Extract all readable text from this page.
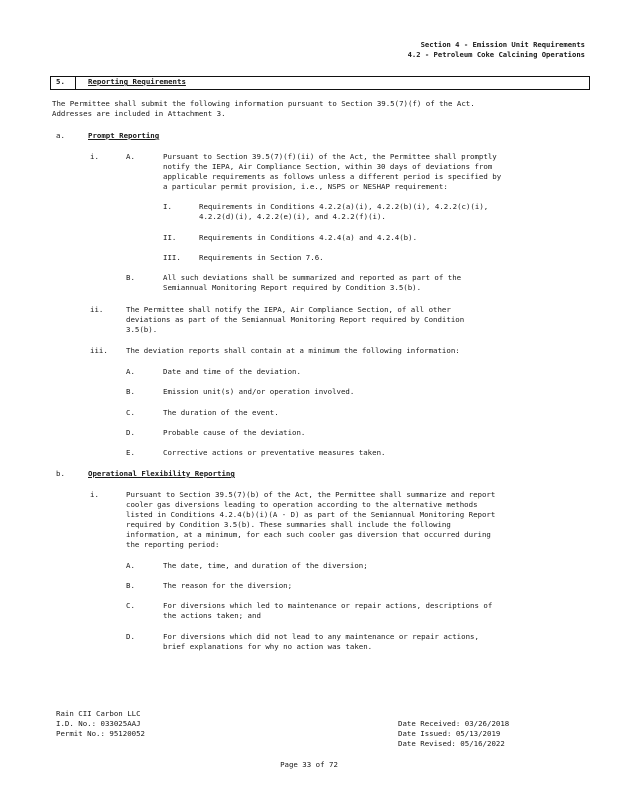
Section 4 - Emission Unit Requirements
4.2 - Petroleum Coke Calcining Operations
5.	Reporting Requirements
The Permittee shall submit the following information pursuant to Section 39.5(7)(f) of the Act.
Addresses are included in Attachment 3.
a.	Prompt Reporting
i.	A.	Pursuant to Section 39.5(7)(f)(ii) of the Act, the Permittee shall promptly
notify the IEPA, Air Compliance Section, within 30 days of deviations from
applicable requirements as follows unless a different period is specified by
a particular permit provision, i.e., NSPS or NESHAP requirement:
I.	Requirements in Conditions 4.2.2(a)(i), 4.2.2(b)(i), 4.2.2(c)(i),
4.2.2(d)(i), 4.2.2(e)(i), and 4.2.2(f)(i).
II.	Requirements in Conditions 4.2.4(a) and 4.2.4(b).
III. Requirements in Section 7.6.
B.	All such deviations shall be summarized and reported as part of the
Semiannual Monitoring Report required by Condition 3.5(b).
ii.	The Permittee shall notify the IEPA, Air Compliance Section, of all other
deviations as part of the Semiannual Monitoring Report required by Condition
3.5(b).
iii. The deviation reports shall contain at a minimum the following information:
A.	Date and time of the deviation.
B.	Emission unit(s) and/or operation involved.
C.	The duration of the event.
D.	Probable cause of the deviation.
E.	Corrective actions or preventative measures taken.
b.	Operational Flexibility Reporting
i.	Pursuant to Section 39.5(7)(b) of the Act, the Permittee shall summarize and report
cooler gas diversions leading to operation according to the alternative methods
listed in Conditions 4.2.4(b)(i)(A - D) as part of the Semiannual Monitoring Report
required by Condition 3.5(b). These summaries shall include the following
information, at a minimum, for each such cooler gas diversion that occurred during
the reporting period:
A.	The date, time, and duration of the diversion;
B.	The reason for the diversion;
C.	For diversions which led to maintenance or repair actions, descriptions of
the actions taken; and
D.	For diversions which did not lead to any maintenance or repair actions,
brief explanations for why no action was taken.
Rain CII Carbon LLC
I.D. No.: 033025AAJ
Permit No.: 95120052
Date Received: 03/26/2018
Date Issued: 05/13/2019
Date Revised: 05/16/2022
Page 33 of 72
